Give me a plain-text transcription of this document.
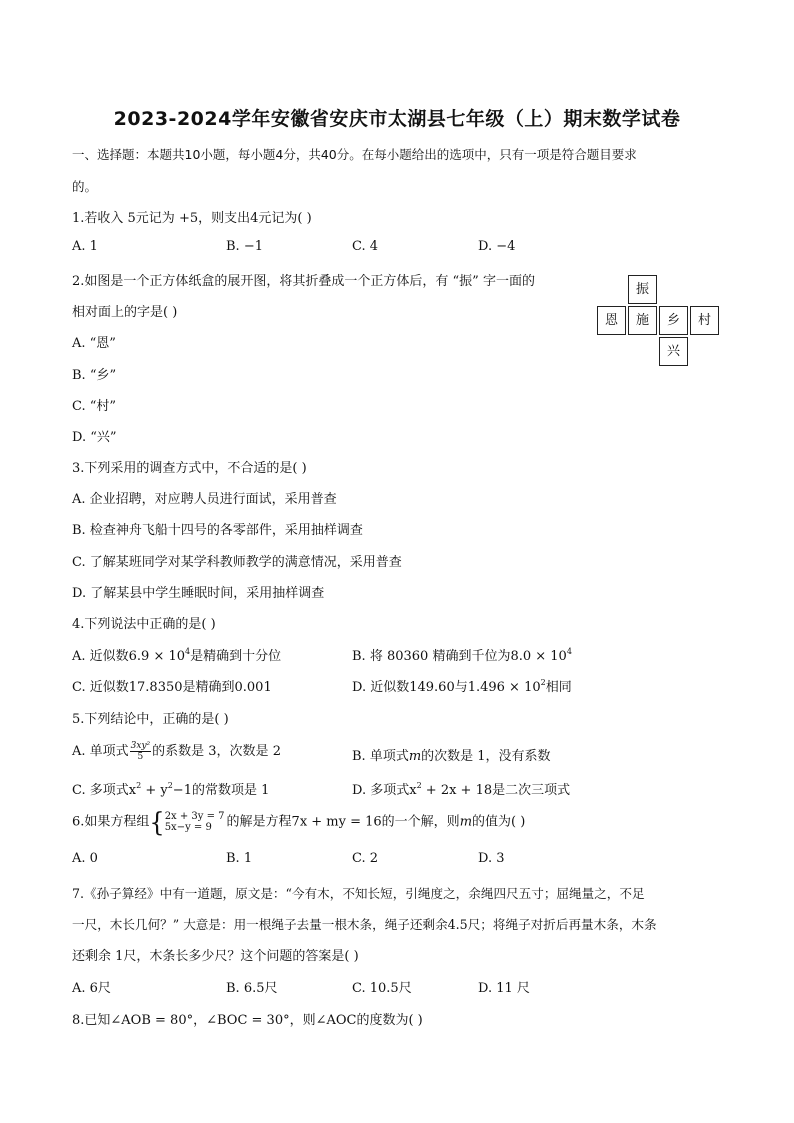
2023-2024学年安徽省安庆市太湖县七年级（上）期末数学试卷
一、选择题：本题共10小题，每小题4分，共40分。在每小题给出的选项中，只有一项是符合题目要求
的。
1.若收入 5元记为 +5，则支出4元记为( )
A. 1	B. −1	C. 4	D. −4
2.如图是一个正方体纸盒的展开图，将其折叠成一个正方体后，有 “振” 字一面的
相对面上的字是( )
A. “恩”
B. “乡”
C. “村”
D. “兴”
振
恩	施	乡	村
兴
3.下列采用的调查方式中，不合适的是( )
A. 企业招聘，对应聘人员进行面试，采用普查
B. 检查神舟飞船十四号的各零部件，采用抽样调查
C. 了解某班同学对某学科教师教学的满意情况，采用普查
D. 了解某县中学生睡眠时间，采用抽样调查
4.下列说法中正确的是( )
A. 近似数$6.9 \times 10^4$是精确到十分位	B. 将 80360 精确到千位为$8.0 \times 10^4$
C. 近似数17.8350是精确到0.001	D. 近似数149.60与$1.496 \times 10^2$相同
5.下列结论中，正确的是( )
A. 单项式 $\frac{\text{3xy²}}{5}$ 的系数是 3，次数是 2	B. 单项式m的次数是 1，没有系数
C. 多项式$x^2 + y^2-1$的常数项是 1	D. 多项式$x^2 + 2x + 18$是二次三项式
6.如果方程组{ 2x + 3y = 7
5x−y = 9	的解是方程7x + my = 16的一个解，则m的值为( )
A. 0	B. 1	C. 2	D. 3
7.《孙子算经》中有一道题，原文是：“今有木，不知长短，引绳度之，余绳四尺五寸；屈绳量之，不足
一尺，木长几何？” 大意是：用一根绳子去量一根木条，绳子还剩余4.5尺；将绳子对折后再量木条，木条
还剩余 1尺，木条长多少尺？这个问题的答案是( )
A. 6尺	B. 6.5尺	C. 10.5尺	D. 11 尺
8.已知∠AOB = 80°，∠BOC = 30°，则∠AOC的度数为( )
